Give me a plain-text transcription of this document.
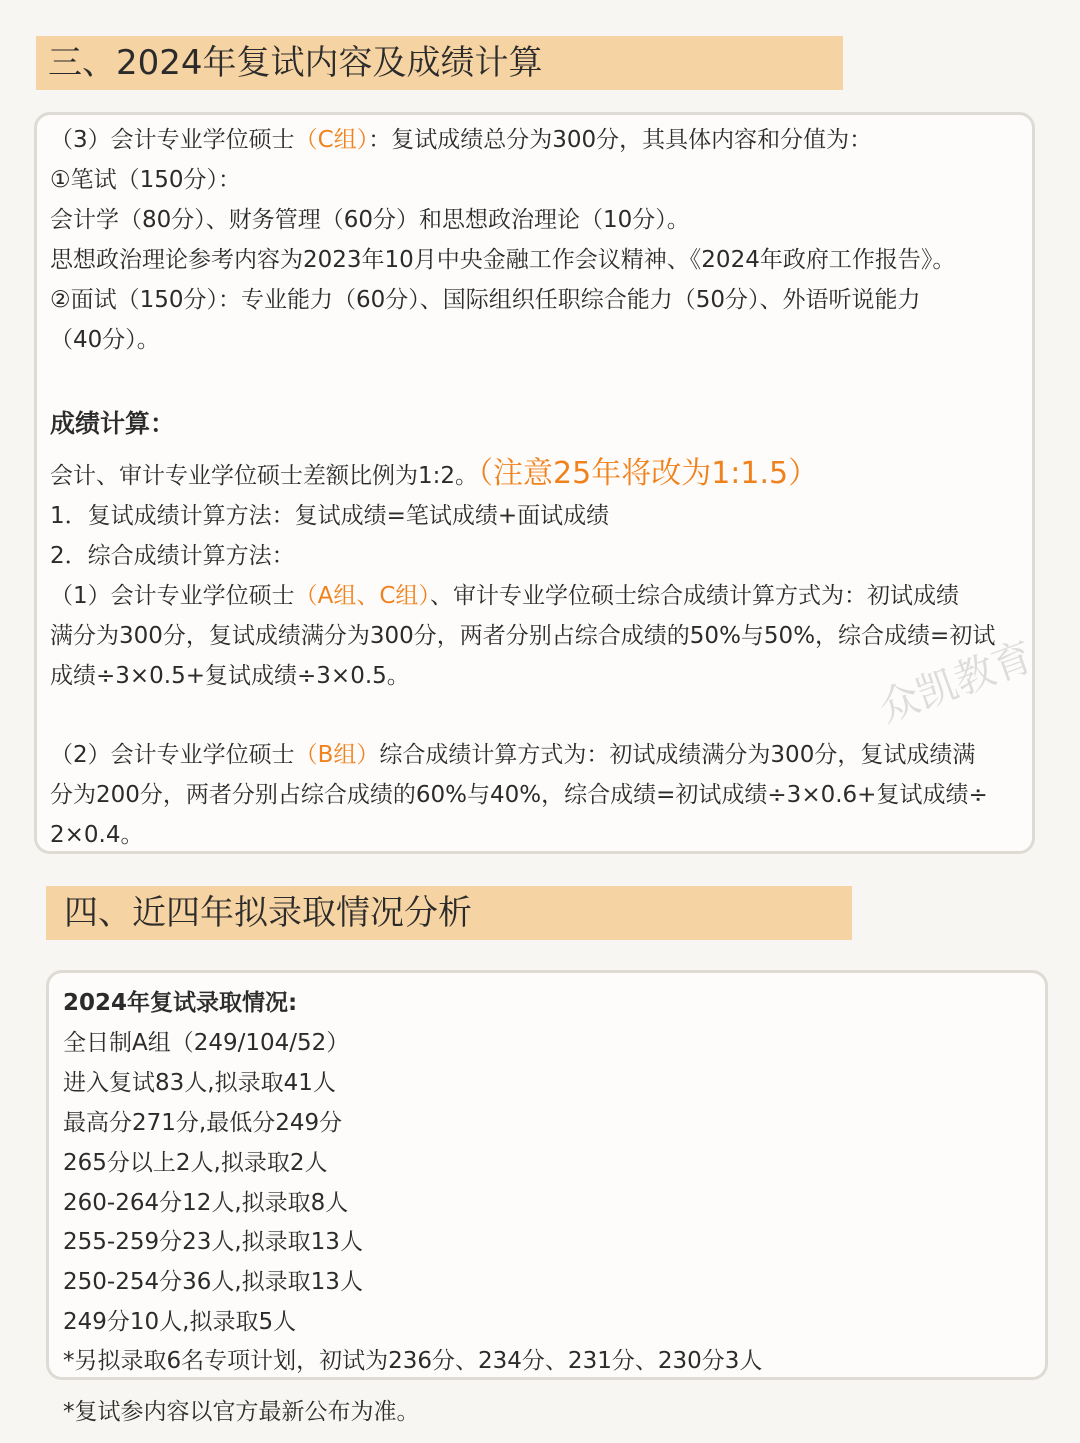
三、2024年复试内容及成绩计算
（3）会计专业学位硕士（C组）：复试成绩总分为300分，其具体内容和分值为：
①笔试（150分）：
会计学（80分）、财务管理（60分）和思想政治理论（10分）。
思想政治理论参考内容为2023年10月中央金融工作会议精神、《2024年政府工作报告》。
②面试（150分）：专业能力（60分）、国际组织任职综合能力（50分）、外语听说能力
（40分）。
成绩计算：
会计、审计专业学位硕士差额比例为1:2。（注意25年将改为1:1.5）
1．复试成绩计算方法：复试成绩=笔试成绩+面试成绩
2．综合成绩计算方法：
（1）会计专业学位硕士（A组、C组）、审计专业学位硕士综合成绩计算方式为：初试成绩
满分为300分，复试成绩满分为300分，两者分别占综合成绩的50%与50%，综合成绩=初试
成绩÷3×0.5+复试成绩÷3×0.5。
（2）会计专业学位硕士（B组）综合成绩计算方式为：初试成绩满分为300分，复试成绩满
分为200分，两者分别占综合成绩的60%与40%，综合成绩=初试成绩÷3×0.6+复试成绩÷
2×0.4。
众凯教育
四、近四年拟录取情况分析
2024年复试录取情况:
全日制A组（249/104/52）
进入复试83人,拟录取41人
最高分271分,最低分249分
265分以上2人,拟录取2人
260-264分12人,拟录取8人
255-259分23人,拟录取13人
250-254分36人,拟录取13人
249分10人,拟录取5人
*另拟录取6名专项计划，初试为236分、234分、231分、230分3人
*复试参内容以官方最新公布为准。
